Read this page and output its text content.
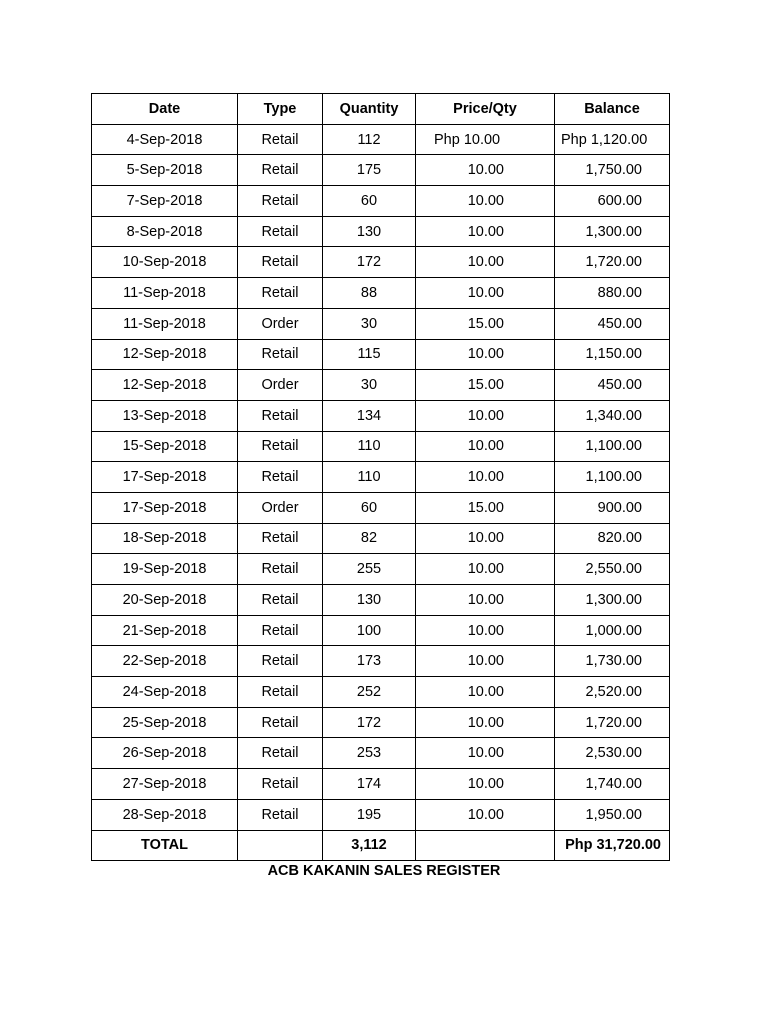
Date	Type	Quantity	Price/Qty	Balance
4-Sep-2018	Retail	112	Php 10.00	Php 1,120.00
5-Sep-2018	Retail	175	10.00	1,750.00
7-Sep-2018	Retail	60	10.00	600.00
8-Sep-2018	Retail	130	10.00	1,300.00
10-Sep-2018	Retail	172	10.00	1,720.00
11-Sep-2018	Retail	88	10.00	880.00
11-Sep-2018	Order	30	15.00	450.00
12-Sep-2018	Retail	115	10.00	1,150.00
12-Sep-2018	Order	30	15.00	450.00
13-Sep-2018	Retail	134	10.00	1,340.00
15-Sep-2018	Retail	110	10.00	1,100.00
17-Sep-2018	Retail	110	10.00	1,100.00
17-Sep-2018	Order	60	15.00	900.00
18-Sep-2018	Retail	82	10.00	820.00
19-Sep-2018	Retail	255	10.00	2,550.00
20-Sep-2018	Retail	130	10.00	1,300.00
21-Sep-2018	Retail	100	10.00	1,000.00
22-Sep-2018	Retail	173	10.00	1,730.00
24-Sep-2018	Retail	252	10.00	2,520.00
25-Sep-2018	Retail	172	10.00	1,720.00
26-Sep-2018	Retail	253	10.00	2,530.00
27-Sep-2018	Retail	174	10.00	1,740.00
28-Sep-2018	Retail	195	10.00	1,950.00
TOTAL		3,112		Php 31,720.00
ACB KAKANIN SALES REGISTER
